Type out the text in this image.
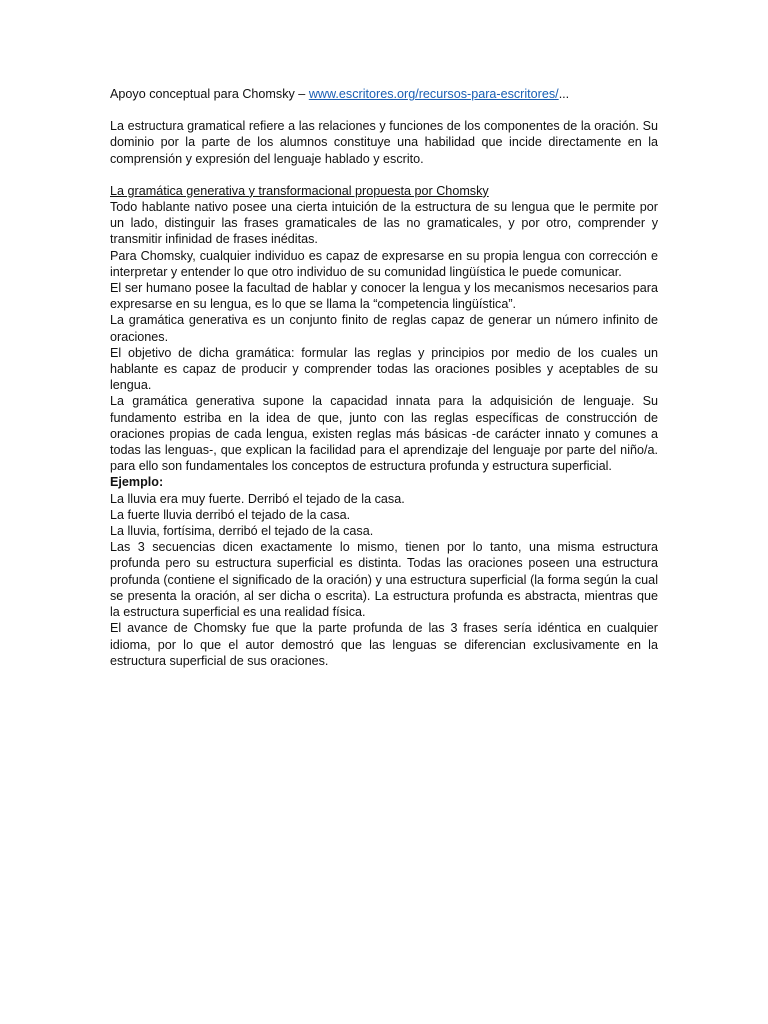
Apoyo conceptual para Chomsky – www.escritores.org/recursos-para-escritores/...

La estructura gramatical refiere a las relaciones y funciones de los componentes de la oración. Su dominio por la parte de los alumnos constituye una habilidad que incide directamente en la comprensión y expresión del lenguaje hablado y escrito.

La gramática generativa y transformacional propuesta por Chomsky

Todo hablante nativo posee una cierta intuición de la estructura de su lengua que le permite por un lado, distinguir las frases gramaticales de las no gramaticales, y por otro, comprender y transmitir infinidad de frases inéditas.

Para Chomsky, cualquier individuo es capaz de expresarse en su propia lengua con corrección e interpretar y entender lo que otro individuo de su comunidad lingüística le puede comunicar.

El ser humano posee la facultad de hablar y conocer la lengua y los mecanismos necesarios para expresarse en su lengua, es lo que se llama la “competencia lingüística”.

La gramática generativa es un conjunto finito de reglas capaz de generar un número infinito de oraciones.

El objetivo de dicha gramática: formular las reglas y principios por medio de los cuales un hablante es capaz de producir y comprender todas las oraciones posibles y aceptables de su lengua.

La gramática generativa supone la capacidad innata para la adquisición de lenguaje. Su fundamento estriba en la idea de que, junto con las reglas específicas de construcción de oraciones propias de cada lengua, existen reglas más básicas -de carácter innato y comunes a todas las lenguas-, que explican la facilidad para el aprendizaje del lenguaje por parte del niño/a. para ello son fundamentales los conceptos de estructura profunda y estructura superficial.

Ejemplo:

La lluvia era muy fuerte. Derribó el tejado de la casa.

La fuerte lluvia derribó el tejado de la casa.

La lluvia, fortísima, derribó el tejado de la casa.

Las 3 secuencias dicen exactamente lo mismo, tienen por lo tanto, una misma estructura profunda pero su estructura superficial es distinta. Todas las oraciones poseen una estructura profunda (contiene el significado de la oración) y una estructura superficial (la forma según la cual se presenta la oración, al ser dicha o escrita). La estructura profunda es abstracta, mientras que la estructura superficial es una realidad física.

El avance de Chomsky fue que la parte profunda de las 3 frases sería idéntica en cualquier idioma, por lo que el autor demostró que las lenguas se diferencian exclusivamente en la estructura superficial de sus oraciones.
